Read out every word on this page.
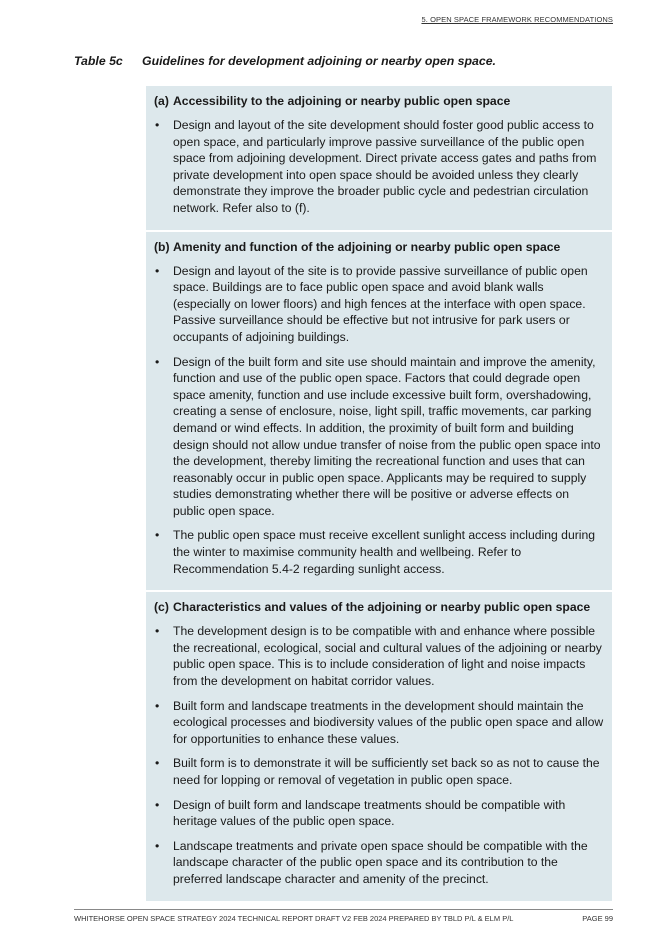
5. OPEN SPACE FRAMEWORK RECOMMENDATIONS
Table 5c Guidelines for development adjoining or nearby open space.
(a) Accessibility to the adjoining or nearby public open space
• Design and layout of the site development should foster good public access to open space, and particularly improve passive surveillance of the public open space from adjoining development. Direct private access gates and paths from private development into open space should be avoided unless they clearly demonstrate they improve the broader public cycle and pedestrian circulation network. Refer also to (f).
(b) Amenity and function of the adjoining or nearby public open space
• Design and layout of the site is to provide passive surveillance of public open space. Buildings are to face public open space and avoid blank walls (especially on lower floors) and high fences at the interface with open space. Passive surveillance should be effective but not intrusive for park users or occupants of adjoining buildings.
• Design of the built form and site use should maintain and improve the amenity, function and use of the public open space. Factors that could degrade open space amenity, function and use include excessive built form, overshadowing, creating a sense of enclosure, noise, light spill, traffic movements, car parking demand or wind effects. In addition, the proximity of built form and building design should not allow undue transfer of noise from the public open space into the development, thereby limiting the recreational function and uses that can reasonably occur in public open space. Applicants may be required to supply studies demonstrating whether there will be positive or adverse effects on public open space.
• The public open space must receive excellent sunlight access including during the winter to maximise community health and wellbeing. Refer to Recommendation 5.4-2 regarding sunlight access.
(c) Characteristics and values of the adjoining or nearby public open space
• The development design is to be compatible with and enhance where possible the recreational, ecological, social and cultural values of the adjoining or nearby public open space. This is to include consideration of light and noise impacts from the development on habitat corridor values.
• Built form and landscape treatments in the development should maintain the ecological processes and biodiversity values of the public open space and allow for opportunities to enhance these values.
• Built form is to demonstrate it will be sufficiently set back so as not to cause the need for lopping or removal of vegetation in public open space.
• Design of built form and landscape treatments should be compatible with heritage values of the public open space.
• Landscape treatments and private open space should be compatible with the landscape character of the public open space and its contribution to the preferred landscape character and amenity of the precinct.
WHITEHORSE OPEN SPACE STRATEGY 2024 TECHNICAL REPORT DRAFT V2 FEB 2024 PREPARED BY TBLD P/L & ELM P/L	PAGE 99
